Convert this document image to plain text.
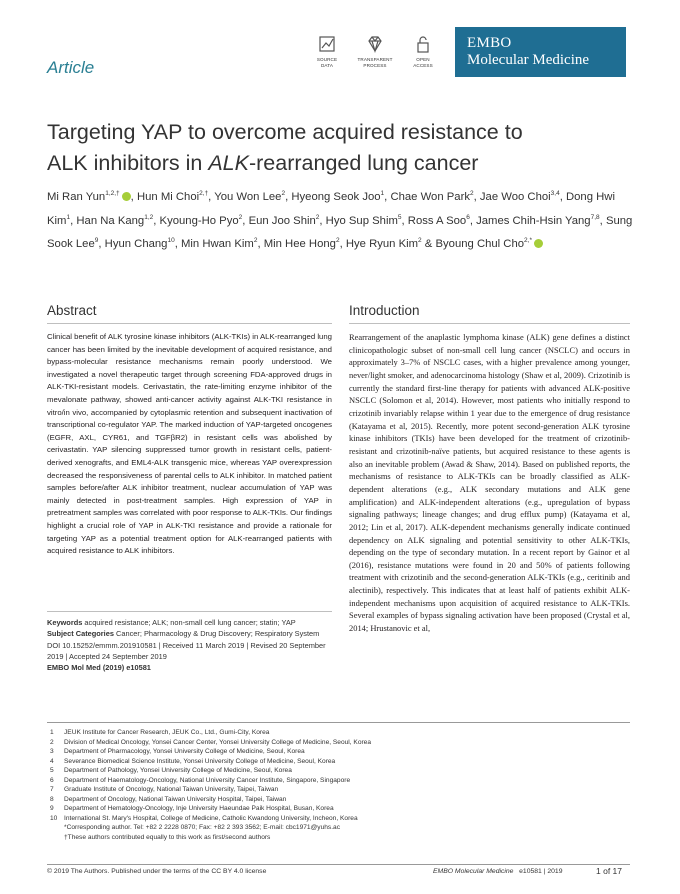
Article	SOURCE
DATA
TRANSPARENT
PROCESS
OPEN
ACCESS
EMBO
Molecular Medicine
Targeting YAP to overcome acquired resistance to
ALK inhibitors in ALK-rearranged lung cancer
Mi Ran Yun$^{1,2,\dagger}$ , Hun Mi Choi$^{2,\dagger}$, You Won Lee$^2$, Hyeong Seok Joo$^1$, Chae Won Park$^2$, Jae Woo Choi$^{3,4}$, Dong Hwi Kim$^1$, Han Na Kang$^{1,2}$, Kyoung-Ho Pyo$^2$, Eun Joo Shin$^2$, Hyo Sup Shim$^5$, Ross A Soo$^6$, James Chih-Hsin Yang$^{7,8}$, Sung Sook Lee$^9$, Hyun Chang$^{10}$, Min Hwan Kim$^2$, Min Hee Hong$^2$, Hye Ryun Kim$^2$ & Byoung Chul Cho$^{2,*}$
Abstract
Clinical benefit of ALK tyrosine kinase inhibitors (ALK-TKIs) in ALK-rearranged lung cancer has been limited by the inevitable development of acquired resistance, and bypass-molecular resistance mechanisms remain poorly understood. We investigated a novel therapeutic target through screening FDA-approved drugs in ALK-TKI-resistant models. Cerivastatin, the rate-limiting enzyme inhibitor of the mevalonate pathway, showed anti-cancer activity against ALK-TKI resistance in vitro/in vivo, accompanied by cytoplasmic retention and subsequent inactivation of transcriptional co-regulator YAP. The marked induction of YAP-targeted oncogenes (EGFR, AXL, CYR61, and TGFβR2) in resistant cells was abolished by cerivastatin. YAP silencing suppressed tumor growth in resistant cells, patient-derived xenografts, and EML4-ALK transgenic mice, whereas YAP overexpression decreased the responsiveness of parental cells to ALK inhibitor. In matched patient samples before/after ALK inhibitor treatment, nuclear accumulation of YAP was mainly detected in post-treatment samples. High expression of YAP in pretreatment samples was correlated with poor response to ALK-TKIs. Our findings highlight a crucial role of YAP in ALK-TKI resistance and provide a rationale for targeting YAP as a potential treatment option for ALK-rearranged patients with acquired resistance to ALK inhibitors.
Keywords acquired resistance; ALK; non-small cell lung cancer; statin; YAP
Subject Categories Cancer; Pharmacology & Drug Discovery; Respiratory System
DOI 10.15252/emmm.201910581 | Received 11 March 2019 | Revised 20 September 2019 | Accepted 24 September 2019
EMBO Mol Med (2019) e10581
Introduction
Rearrangement of the anaplastic lymphoma kinase (ALK) gene defines a distinct clinicopathologic subset of non-small cell lung cancer (NSCLC) and occurs in approximately 3–7% of NSCLC cases, with a higher prevalence among younger, never/light smoker, and adenocarcinoma histology (Shaw et al, 2009). Crizotinib is currently the standard first-line therapy for patients with advanced ALK-positive NSCLC (Solomon et al, 2014). However, most patients who initially respond to crizotinib invariably relapse within 1 year due to the emergence of drug resistance (Katayama et al, 2015). Recently, more potent second-generation ALK tyrosine kinase inhibitors (TKIs) have been developed for the treatment of crizotinib-resistant and crizotinib-naïve patients, but acquired resistance to these agents is also an inevitable problem (Awad & Shaw, 2014). Based on published reports, the mechanisms of resistance to ALK-TKIs can be broadly classified as ALK-dependent alterations (e.g., ALK secondary mutations and ALK gene amplification) and ALK-independent alterations (e.g., upregulation of bypass signaling pathways; lineage changes; and drug efflux pump) (Katayama et al, 2012; Lin et al, 2017). ALK-dependent mechanisms generally indicate continued dependency on ALK signaling and potential sensitivity to other ALK-TKIs, depending on the type of secondary mutation. In a recent report by Gainor et al (2016), resistance mutations were found in 20 and 50% of patients following treatment with crizotinib and the second-generation ALK-TKIs (e.g., ceritinib and alectinib), respectively. This indicates that at least half of patients exhibit ALK-independent mechanisms upon acquisition of acquired resistance to ALK-TKIs. Several examples of bypass signaling activation have been proposed (Crystal et al, 2014; Hrustanovic et al,
1	JEUK Institute for Cancer Research, JEUK Co., Ltd., Gumi-City, Korea
2	Division of Medical Oncology, Yonsei Cancer Center, Yonsei University College of Medicine, Seoul, Korea
3	Department of Pharmacology, Yonsei University College of Medicine, Seoul, Korea
4	Severance Biomedical Science Institute, Yonsei University College of Medicine, Seoul, Korea
5	Department of Pathology, Yonsei University College of Medicine, Seoul, Korea
6	Department of Haematology-Oncology, National University Cancer Institute, Singapore, Singapore
7	Graduate Institute of Oncology, National Taiwan University, Taipei, Taiwan
8	Department of Oncology, National Taiwan University Hospital, Taipei, Taiwan
9	Department of Hematology-Oncology, Inje University Haeundae Paik Hospital, Busan, Korea
10	International St. Mary's Hospital, College of Medicine, Catholic Kwandong University, Incheon, Korea
*Corresponding author. Tel: +82 2 2228 0870; Fax: +82 2 393 3562; E-mail: cbc1971@yuhs.ac
†These authors contributed equally to this work as first/second authors
© 2019 The Authors. Published under the terms of the CC BY 4.0 license	EMBO Molecular Medicine e10581 | 2019	1 of 17
